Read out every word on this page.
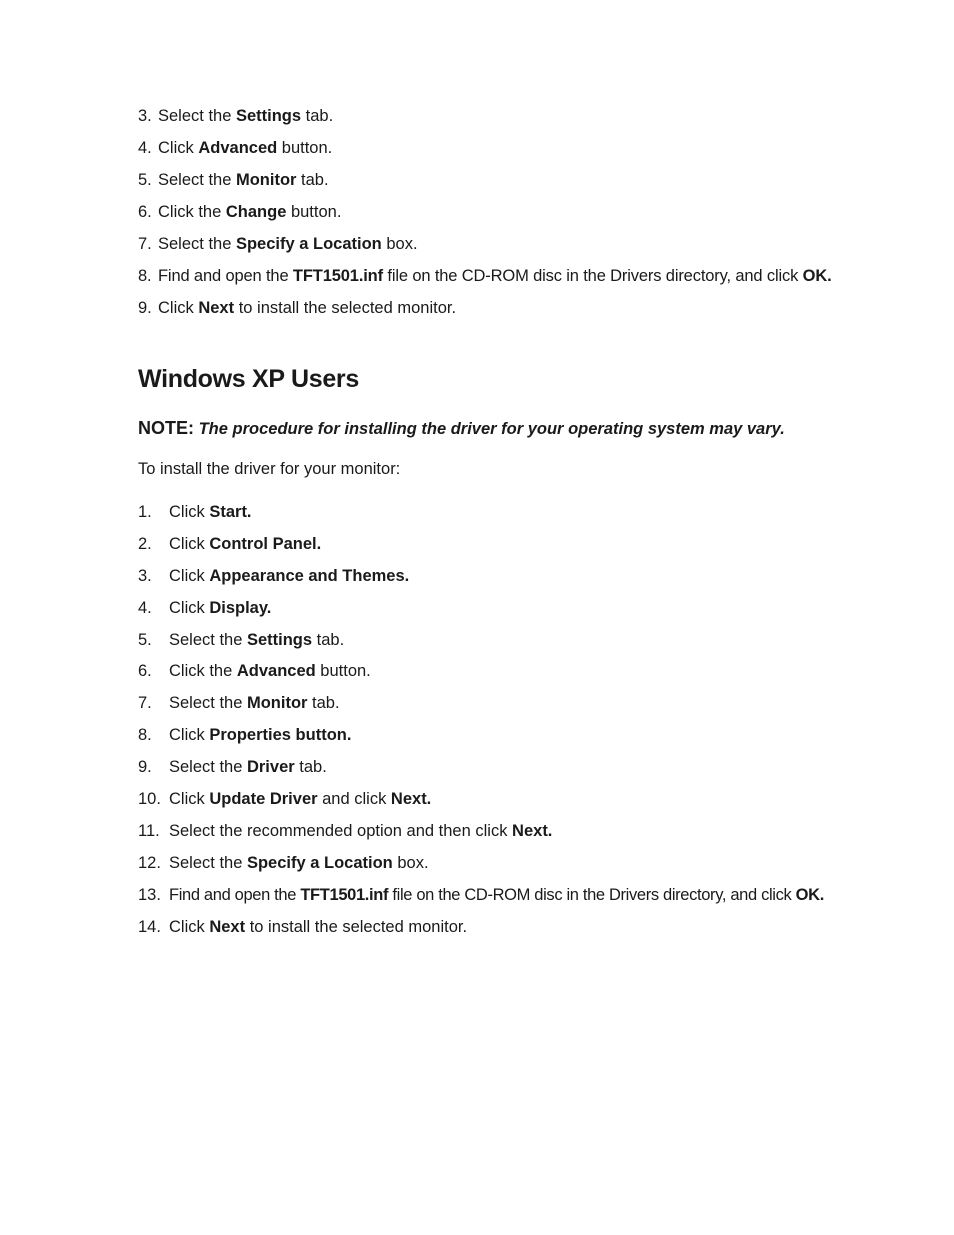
3. Select the Settings tab.
4. Click Advanced button.
5. Select the Monitor tab.
6. Click the Change button.
7. Select the Specify a Location box.
8. Find and open the TFT1501.inf file on the CD-ROM disc in the Drivers directory, and click OK.
9. Click Next to install the selected monitor.
Windows XP Users
NOTE: The procedure for installing the driver for your operating system may vary.
To install the driver for your monitor:
1.	Click Start.
2.	Click Control Panel.
3.	Click Appearance and Themes.
4.	Click Display.
5.	Select the Settings tab.
6.	Click the Advanced button.
7.	Select the Monitor tab.
8.	Click Properties button.
9.	Select the Driver tab.
10. Click Update Driver and click Next.
11. Select the recommended option and then click Next.
12. Select the Specify a Location box.
13. Find and open the TFT1501.inf file on the CD-ROM disc in the Drivers directory, and click OK.
14. Click Next to install the selected monitor.
